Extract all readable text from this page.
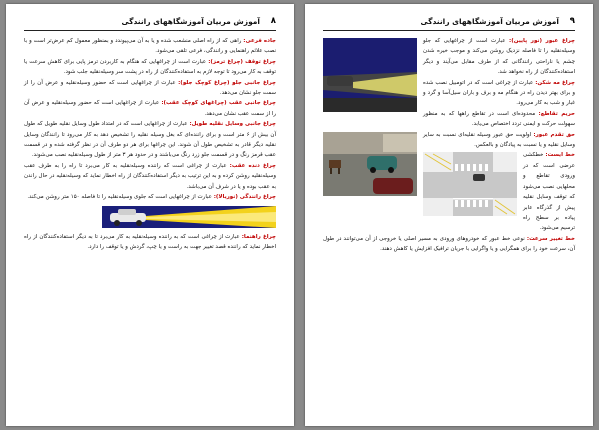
۸
آموزش مربیان آموزشگاههای رانندگی

جاده فرعی: راهی که از راه اصلی منشعب شده و یا به آن می‌پیوندد و بمنظور معمول کم عرض‌تر است و با نصب علائم راهنمایی و رانندگی، فرعی تلقی می‌شود.

چراغ توقف (چراغ ترمز): عبارت است از چراغهایی که هنگام به کاربردن ترمز پایی برای کاهش سرعت یا توقف به کار می‌رود تا توجه لازم به استفاده‌کنندگان از راه در پشت سر وسیله‌نقلیه جلب شود.

چراغ جانبی جلو (چراغ کوچک جلو): عبارت از چراغهایی است که حضور وسیله‌نقلیه و عرض آن را از سمت جلو نشان می‌دهد.

چراغ جانبی عقب (چراغهای کوچک عقب): عبارت از چراغهایی است که حضور وسیله‌نقلیه و عرض آن را از سمت عقب نشان می‌دهد.

چراغ جانبی وسایل نقلیه طویل: عبارت از چراغهایی است که در امتداد طول وسایل نقلیه طویل که طول آن بیش از ۶ متر است و برای راننده‌ای که بغل وسیله نقلیه را تشخیص دهد به کار می‌رود تا رانندگان وسایل نقلیه دیگر قادر به تشخیص طول آن شوند. این چراغها برای هر دو طرف آن در نظر گرفته شده و در قسمت عقب قرمز رنگ و در قسمت جلو زرد رنگ می‌باشند و در حدود هر ۳ متر از طول وسیله‌نقلیه نصب می‌شوند.

چراغ دنده عقب: عبارت از چراغی است که راننده وسیله‌نقلیه به کار می‌برد تا راه را به طرف عقب وسیله‌نقلیه روشن کرده و به این ترتیب به دیگر استفاده‌کنندگان از راه اخطار نماید که وسیله‌نقلیه در حال راندن به عقب بوده و یا در شرف آن می‌باشد.

چراغ رانندگی (نوربالا): عبارت از چراغهایی است که جلوی وسیله‌نقلیه را تا فاصله ۱۵۰ متر روشن می‌کند.

چراغ راهنما: عبارت از چراغی است که به راننده وسیله‌نقلیه به کار می‌برد تا به دیگر استفاده‌کنندگان از راه اخطار نماید که راننده قصد تغییر جهت به راست و یا چپ، گردش و یا توقف را دارد.

۹
آموزش مربیان آموزشگاههای رانندگی

چراغ عبور (نور پایین): عبارت است از چراغهایی که جلو وسیله‌نقلیه را تا فاصله نزدیک روشن می‌کند و موجب خیره شدن چشم یا ناراحتی رانندگانی که از طرف مقابل می‌آیند و دیگر استفاده‌کنندگان از راه نخواهد شد.

چراغ مه شکن: عبارت از چراغی است که در اتومبیل نصب شده و برای بهتر دیدن راه در هنگام مه و برف و باران سیل‌آسا و گرد و غبار و شب به کار می‌رود.

حریم تقاطع: محدوده‌ای است در تقاطع راهها که به منظور سهولت حرکت و ایمنی تردد اختصاص می‌یابد.

حق تقدم عبور: اولویت حق عبور وسیله نقلیه‌ای نسبت به سایر وسایل نقلیه و یا نسبت به پیادگان و بالعکس.

خط ایست: خطکشی عرضی است که در ورودی تقاطع و محلهایی نصب می‌شود که توقف وسایل نقلیه پیش از گذرگاه عابر پیاده بر سطح راه ترسیم می‌شود.

خط تغییر سرعت: نوعی خط عبور که خودروهای ورودی به مسیر اصلی یا خروجی از آن می‌توانند در طول آن، سرعت خود را برای همگرایی و یا واگرایی با جریان ترافیک افزایش یا کاهش دهند.
